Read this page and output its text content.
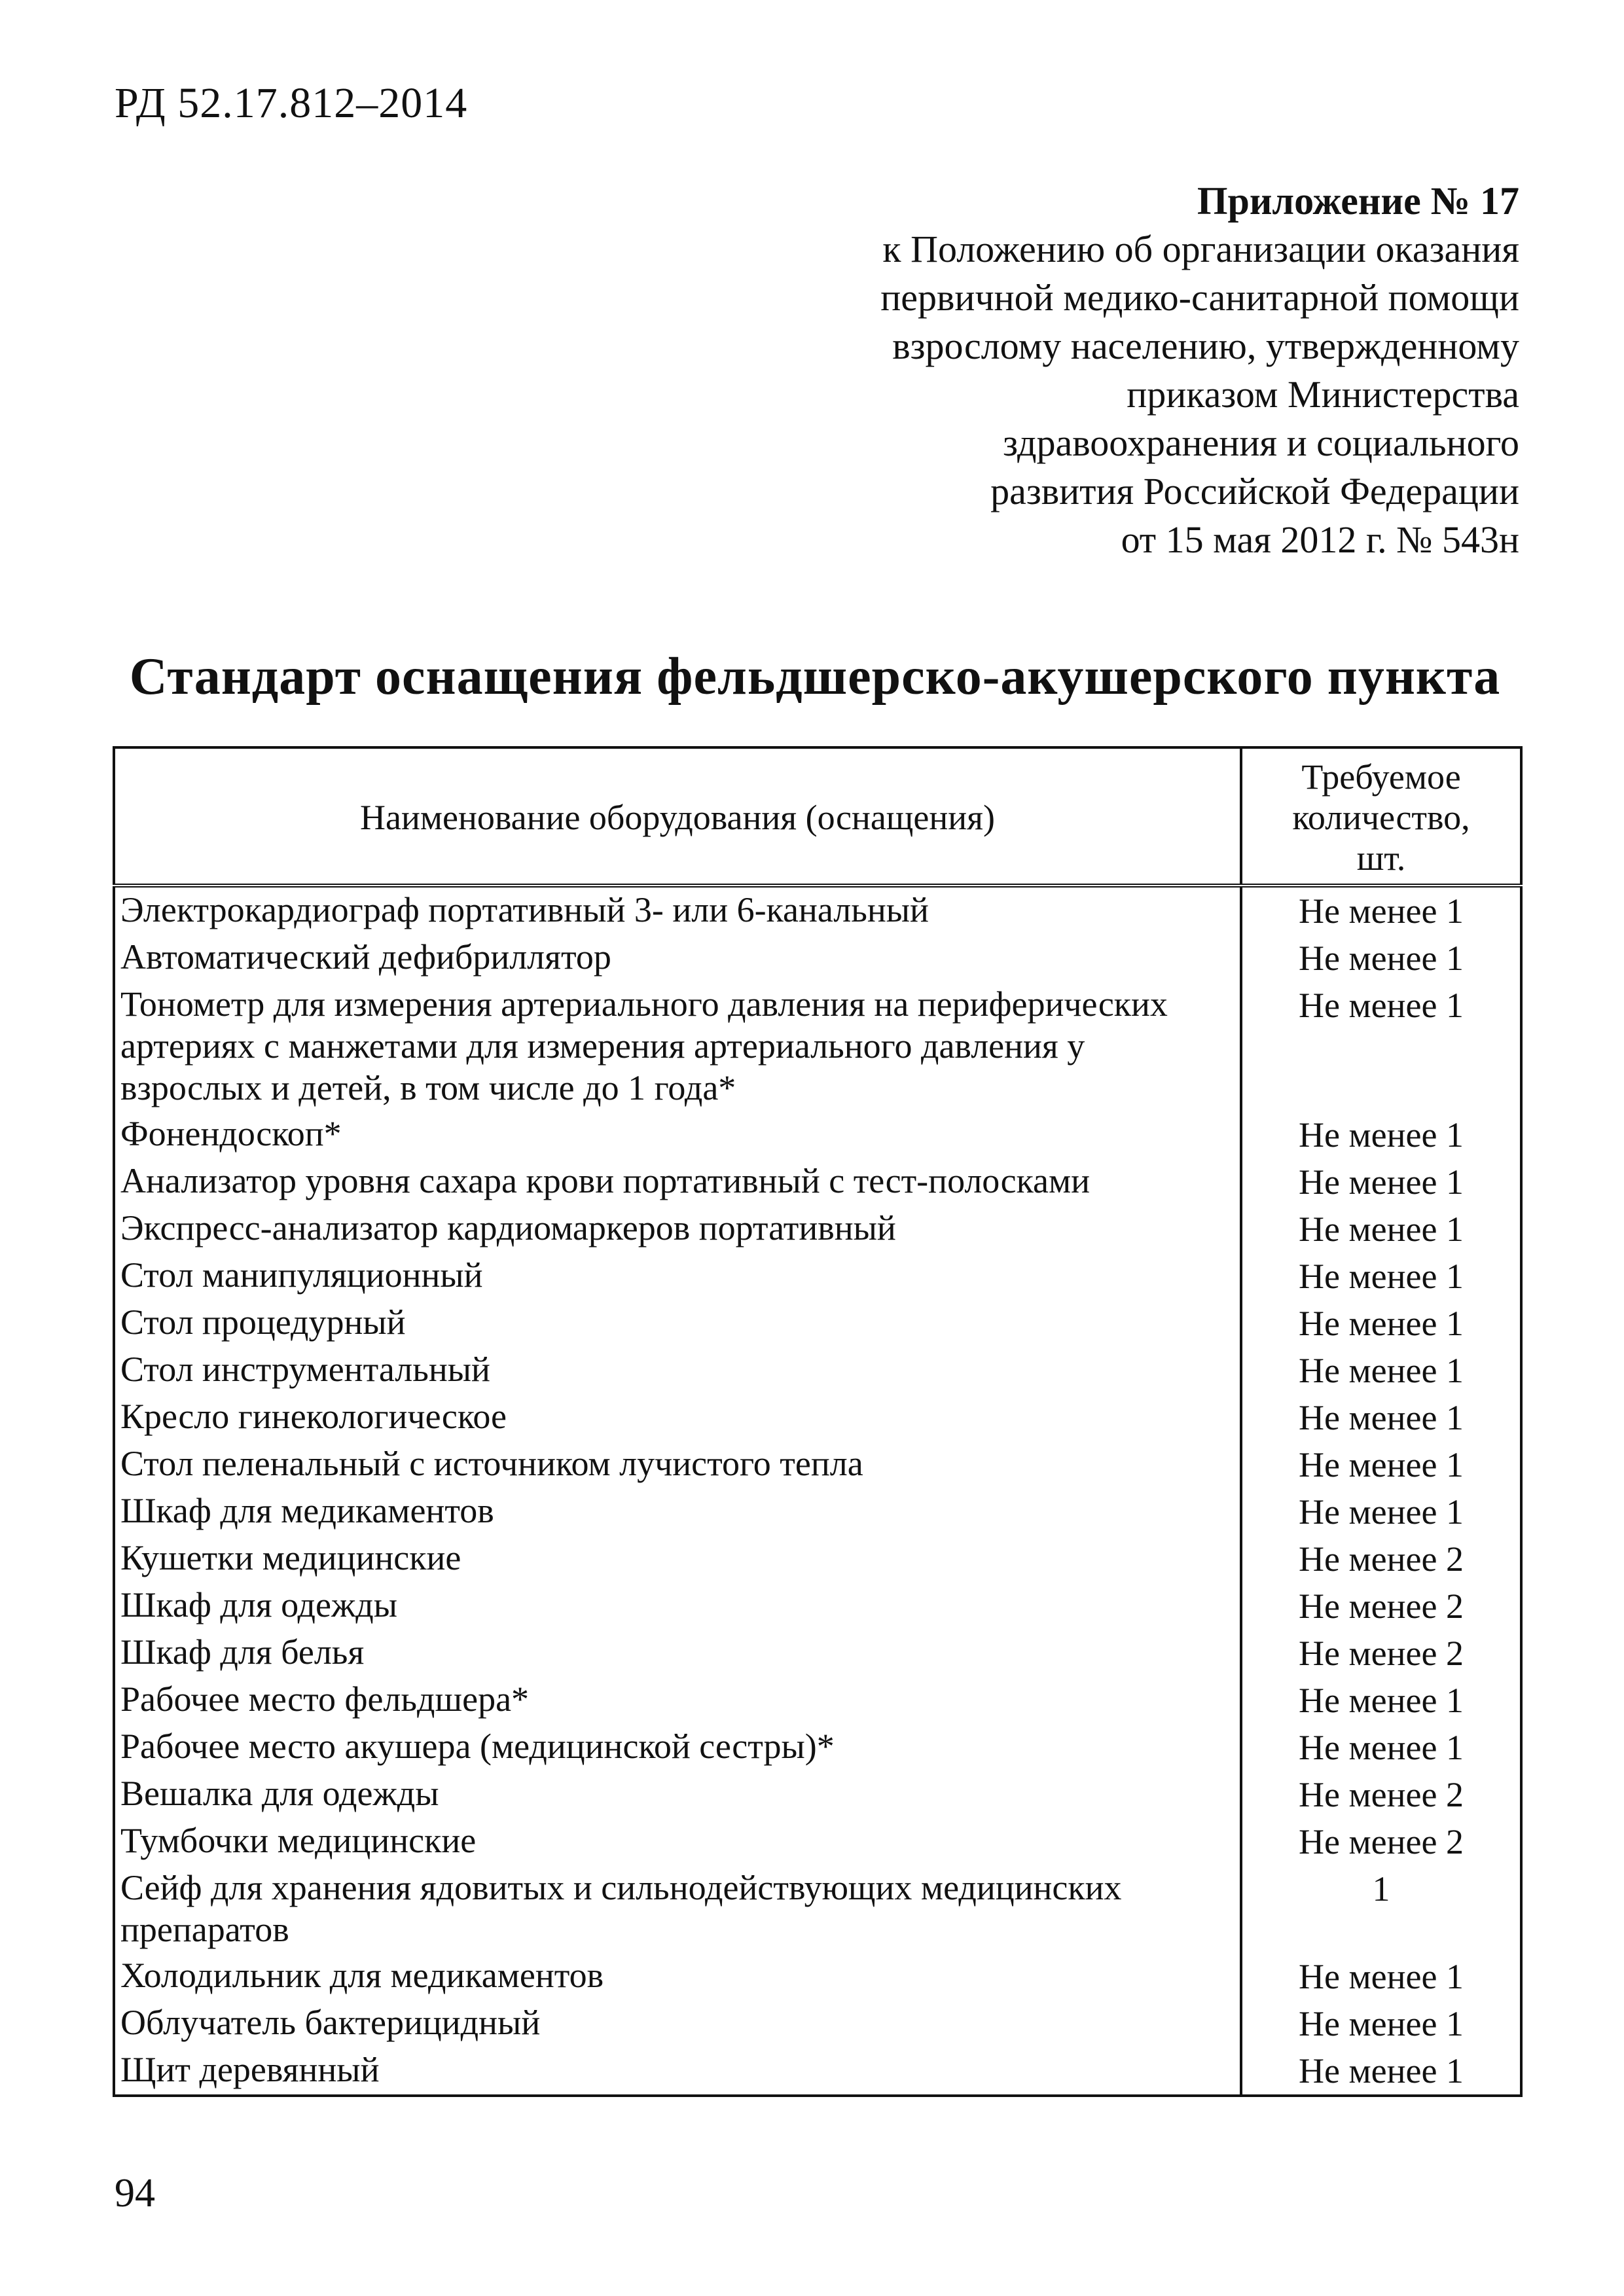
РД 52.17.812–2014
Приложение № 17
к Положению об организации оказания
первичной медико-санитарной помощи
взрослому населению, утвержденному
приказом Министерства
здравоохранения и социального
развития Российской Федерации
от 15 мая 2012 г. № 543н
Стандарт оснащения фельдшерско-акушерского пункта
Наименование оборудования (оснащения)	Требуемое
количество,
шт.

Электрокардиограф портативный 3- или 6-канальный	Не менее 1
Автоматический дефибриллятор	Не менее 1
Тонометр для измерения артериального давления на периферических артериях с манжетами для измерения артериального давления у взрослых и детей, в том числе до 1 года*	Не менее 1
Фонендоскоп*	Не менее 1
Анализатор уровня сахара крови портативный с тест-полосками	Не менее 1
Экспресс-анализатор кардиомаркеров портативный	Не менее 1
Стол манипуляционный	Не менее 1
Стол процедурный	Не менее 1
Стол инструментальный	Не менее 1
Кресло гинекологическое	Не менее 1
Стол пеленальный с источником лучистого тепла	Не менее 1
Шкаф для медикаментов	Не менее 1
Кушетки медицинские	Не менее 2
Шкаф для одежды	Не менее 2
Шкаф для белья	Не менее 2
Рабочее место фельдшера*	Не менее 1
Рабочее место акушера (медицинской сестры)*	Не менее 1
Вешалка для одежды	Не менее 2
Тумбочки медицинские	Не менее 2
Сейф для хранения ядовитых и сильнодействующих медицинских препаратов	1
Холодильник для медикаментов	Не менее 1
Облучатель бактерицидный	Не менее 1
Щит деревянный	Не менее 1
94
